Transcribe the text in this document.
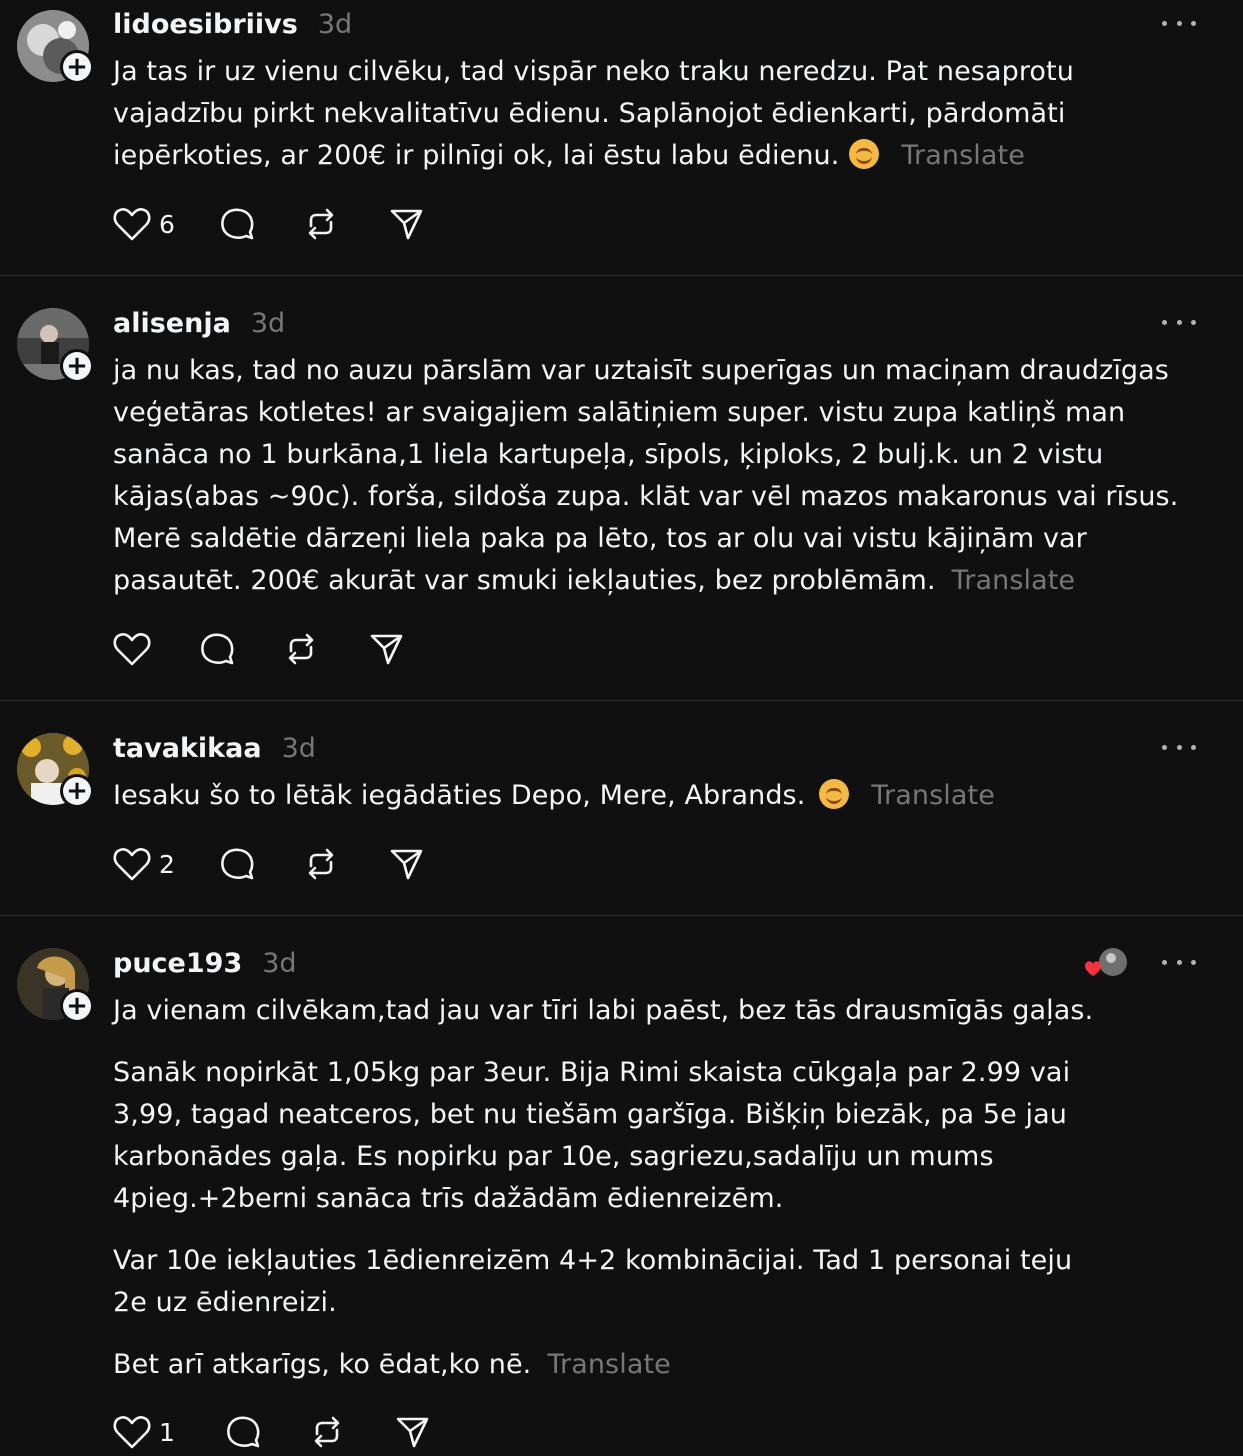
+
lidoesibriivs 3d

Ja tas ir uz vienu cilvēku, tad vispār neko traku neredzu. Pat nesaprotu vajadzību pirkt nekvalitatīvu ēdienu. Saplānojot ēdienkarti, pārdomāti iepērkoties, ar 200€ ir pilnīgi ok, lai ēstu labu ēdienu. Translate

6
+
alisenja 3d

ja nu kas, tad no auzu pārslām var uztaisīt superīgas un maciņam draudzīgas veģetāras kotletes! ar svaigajiem salātiņiem super. vistu zupa katliņš man sanāca no 1 burkāna,1 liela kartupeļa, sīpols, ķiploks, 2 bulj.k. un 2 vistu kājas(abas ~90c). forša, sildoša zupa. klāt var vēl mazos makaronus vai rīsus. Merē saldētie dārzeņi liela paka pa lēto, tos ar olu vai vistu kājiņām var pasautēt. 200€ akurāt var smuki iekļauties, bez problēmām. Translate

+
tavakikaa 3d

Iesaku šo to lētāk iegādāties Depo, Mere, Abrands. Translate

2
+
puce193 3d

Ja vienam cilvēkam,tad jau var tīri labi paēst, bez tās drausmīgās gaļas.

Sanāk nopirkāt 1,05kg par 3eur. Bija Rimi skaista cūkgaļa par 2.99 vai 3,99, tagad neatceros, bet nu tiešām garšīga. Bišķiņ biezāk, pa 5e jau karbonādes gaļa. Es nopirku par 10e, sagriezu,sadalīju un mums 4pieg.+2berni sanāca trīs dažādām ēdienreizēm.

Var 10e iekļauties 1ēdienreizēm 4+2 kombinācijai. Tad 1 personai teju 2e uz ēdienreizi.

Bet arī atkarīgs, ko ēdat,ko nē. Translate

1
